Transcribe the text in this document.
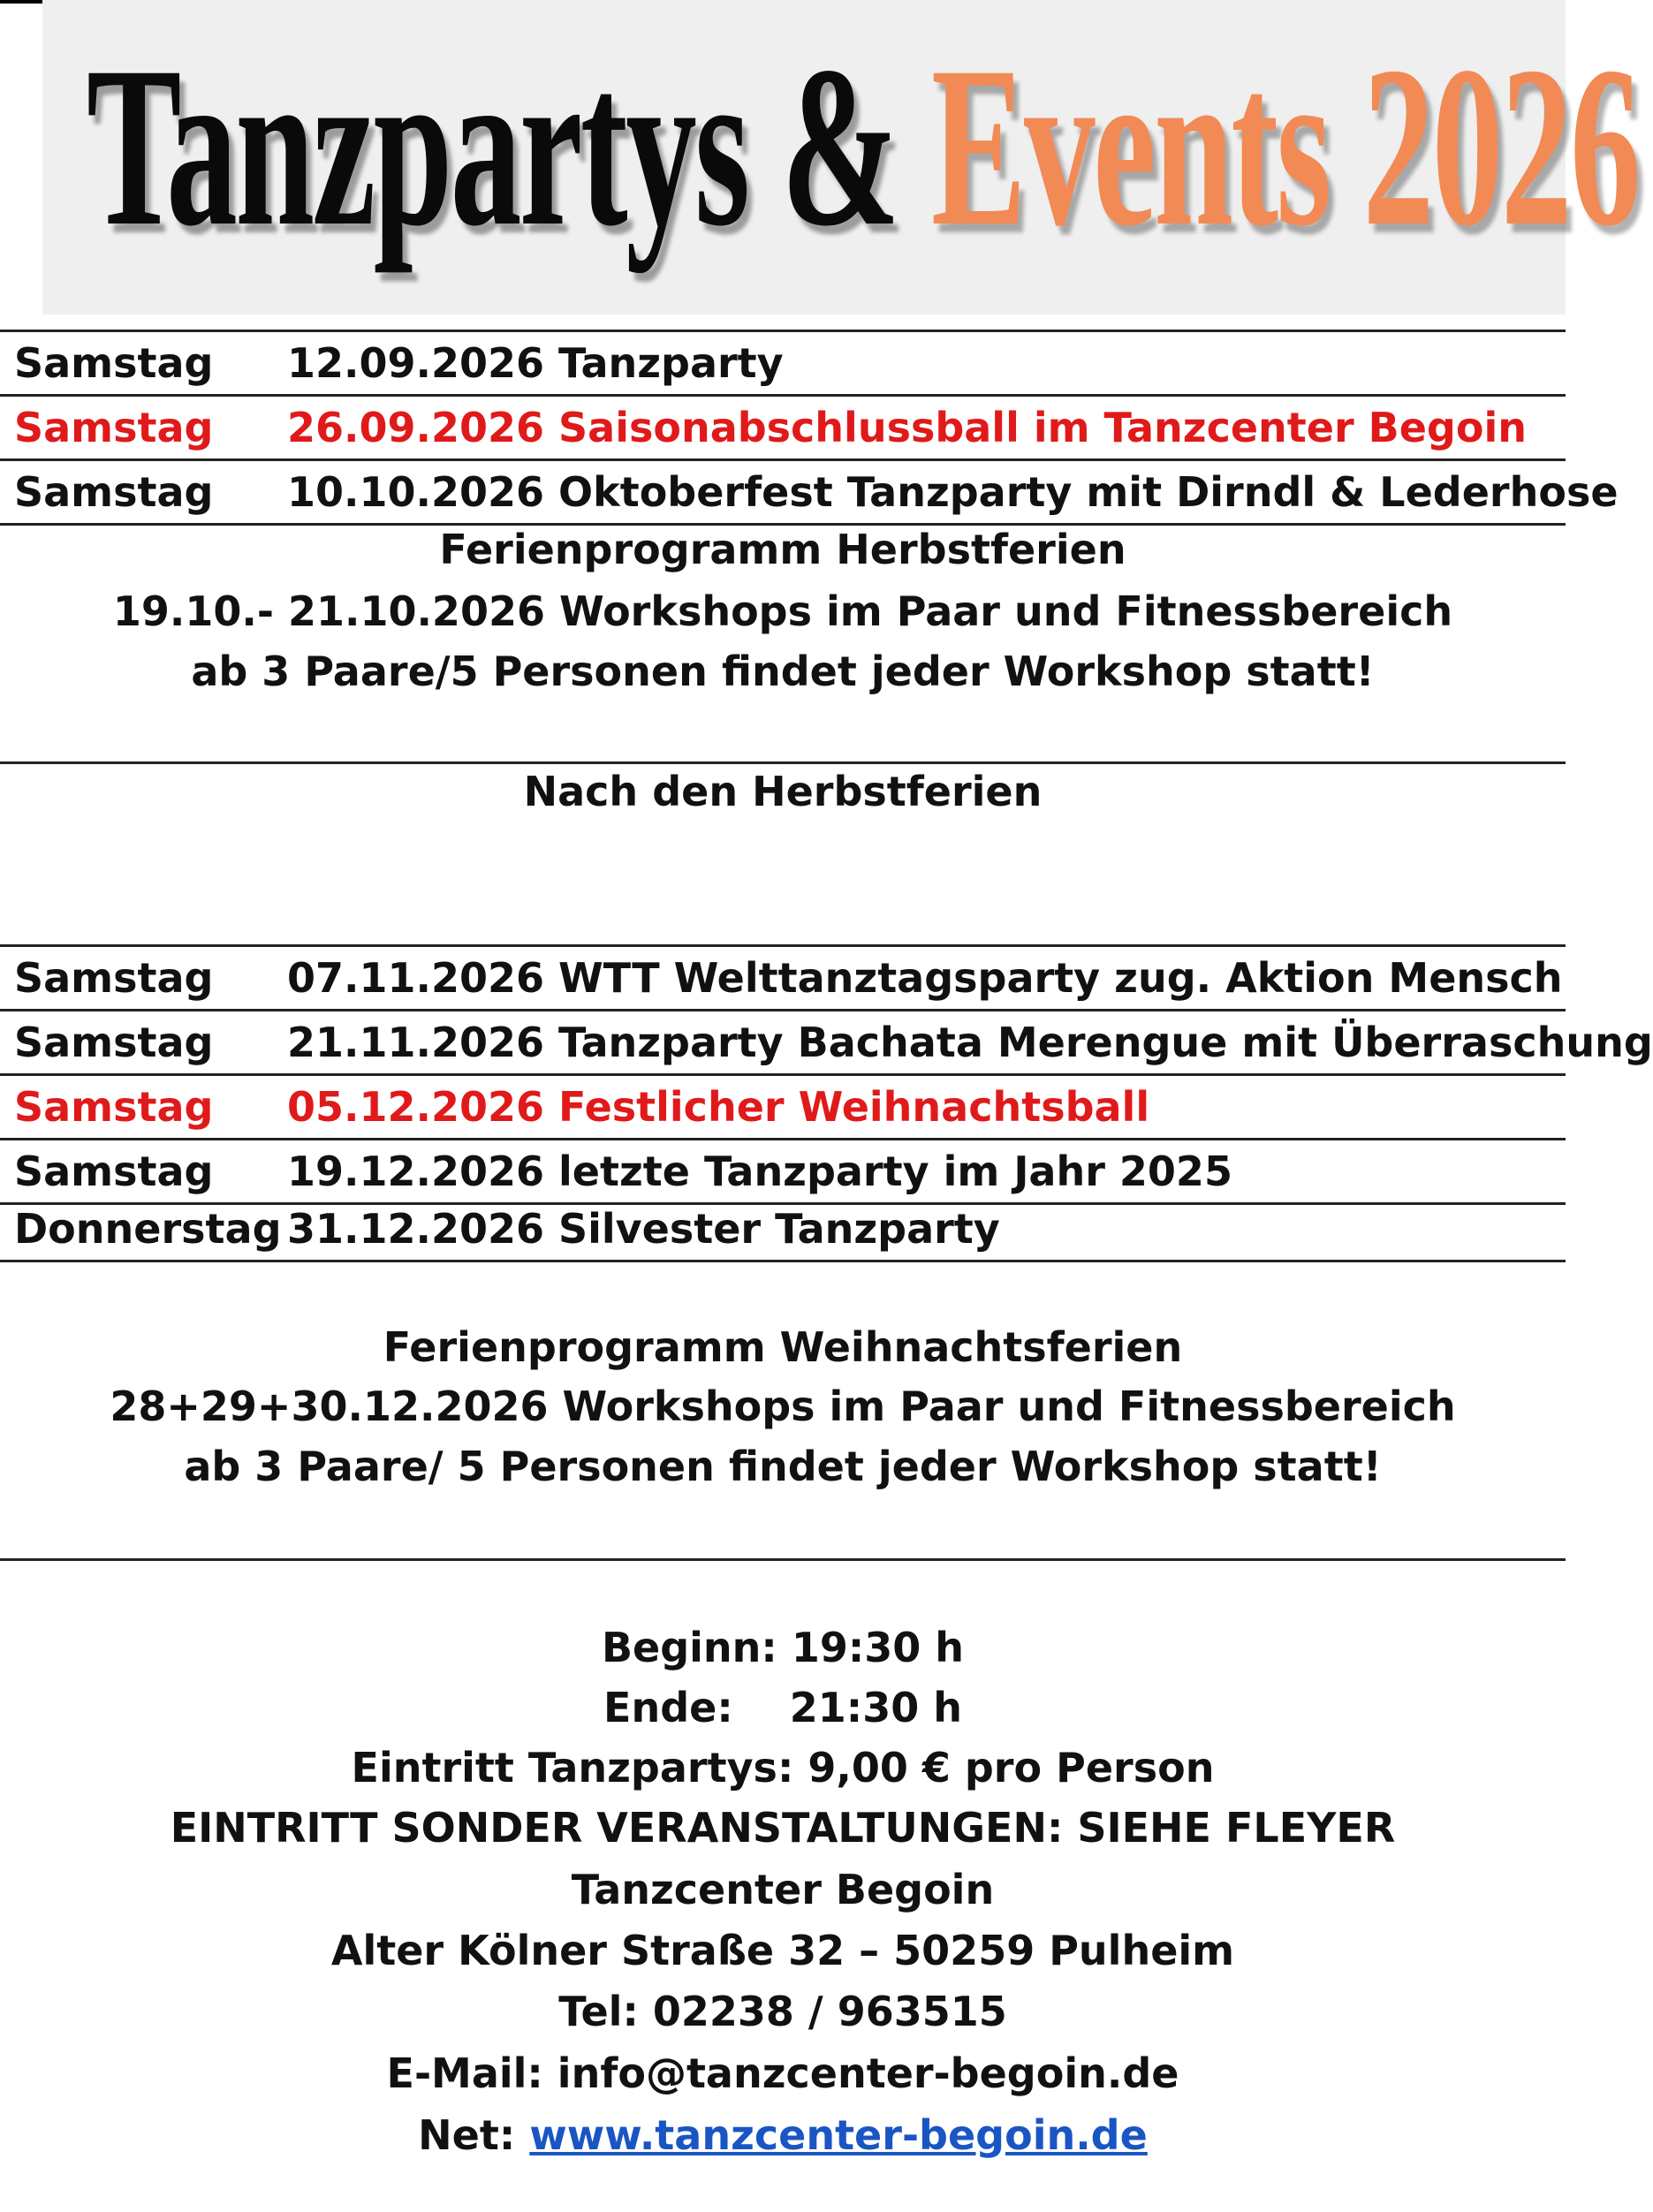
Tanzpartys & Events 2026
Samstag 12.09.2026 Tanzparty
Samstag 26.09.2026 Saisonabschlussball im Tanzcenter Begoin
Samstag 10.10.2026 Oktoberfest Tanzparty mit Dirndl & Lederhose
Ferienprogramm Herbstferien
19.10.- 21.10.2026 Workshops im Paar und Fitnessbereich
ab 3 Paare/5 Personen findet jeder Workshop statt!
Nach den Herbstferien
Samstag 07.11.2026 WTT Welttanztagsparty zug. Aktion Mensch
Samstag 21.11.2026 Tanzparty Bachata Merengue mit Überraschung
Samstag 05.12.2026 Festlicher Weihnachtsball
Samstag 19.12.2026 letzte Tanzparty im Jahr 2025
Donnerstag 31.12.2026 Silvester Tanzparty
Ferienprogramm Weihnachtsferien
28+29+30.12.2026 Workshops im Paar und Fitnessbereich
ab 3 Paare/ 5 Personen findet jeder Workshop statt!
Beginn: 19:30 h
Ende:    21:30 h
Eintritt Tanzpartys: 9,00 € pro Person
EINTRITT SONDER VERANSTALTUNGEN: SIEHE FLEYER
Tanzcenter Begoin
Alter Kölner Straße 32 – 50259 Pulheim
Tel: 02238 / 963515
E-Mail: info@tanzcenter-begoin.de
Net: www.tanzcenter-begoin.de
